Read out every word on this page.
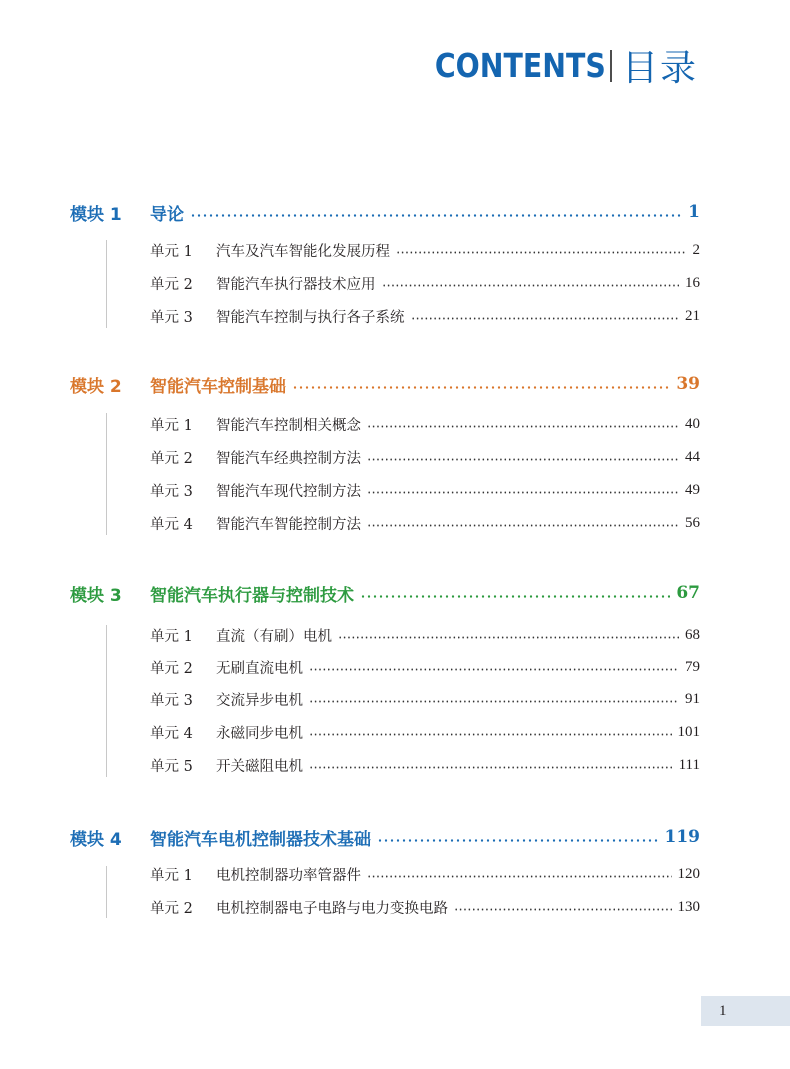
CONTENTS 目录
模块 1	导论	1
单元 1	汽车及汽车智能化发展历程	2
单元 2	智能汽车执行器技术应用	16
单元 3	智能汽车控制与执行各子系统	21
模块 2	智能汽车控制基础	39
单元 1	智能汽车控制相关概念	40
单元 2	智能汽车经典控制方法	44
单元 3	智能汽车现代控制方法	49
单元 4	智能汽车智能控制方法	56
模块 3	智能汽车执行器与控制技术	67
单元 1	直流（有刷）电机	68
单元 2	无刷直流电机	79
单元 3	交流异步电机	91
单元 4	永磁同步电机	101
单元 5	开关磁阻电机	111
模块 4	智能汽车电机控制器技术基础	119
单元 1	电机控制器功率管器件	120
单元 2	电机控制器电子电路与电力变换电路	130
1
